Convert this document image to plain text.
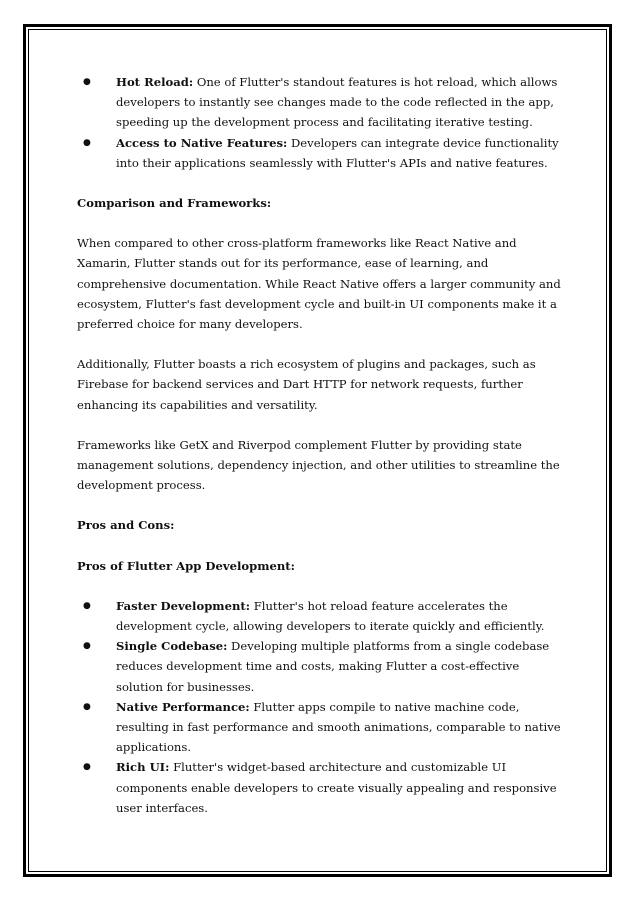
● Hot Reload: One of Flutter's standout features is hot reload, which allows developers to instantly see changes made to the code reflected in the app, speeding up the development process and facilitating iterative testing.
● Access to Native Features: Developers can integrate device functionality into their applications seamlessly with Flutter's APIs and native features.

Comparison and Frameworks:

When compared to other cross-platform frameworks like React Native and Xamarin, Flutter stands out for its performance, ease of learning, and comprehensive documentation. While React Native offers a larger community and ecosystem, Flutter's fast development cycle and built-in UI components make it a preferred choice for many developers.

Additionally, Flutter boasts a rich ecosystem of plugins and packages, such as Firebase for backend services and Dart HTTP for network requests, further enhancing its capabilities and versatility.

Frameworks like GetX and Riverpod complement Flutter by providing state management solutions, dependency injection, and other utilities to streamline the development process.

Pros and Cons:

Pros of Flutter App Development:

● Faster Development: Flutter's hot reload feature accelerates the development cycle, allowing developers to iterate quickly and efficiently.
● Single Codebase: Developing multiple platforms from a single codebase reduces development time and costs, making Flutter a cost-effective solution for businesses.
● Native Performance: Flutter apps compile to native machine code, resulting in fast performance and smooth animations, comparable to native applications.
● Rich UI: Flutter's widget-based architecture and customizable UI components enable developers to create visually appealing and responsive user interfaces.
